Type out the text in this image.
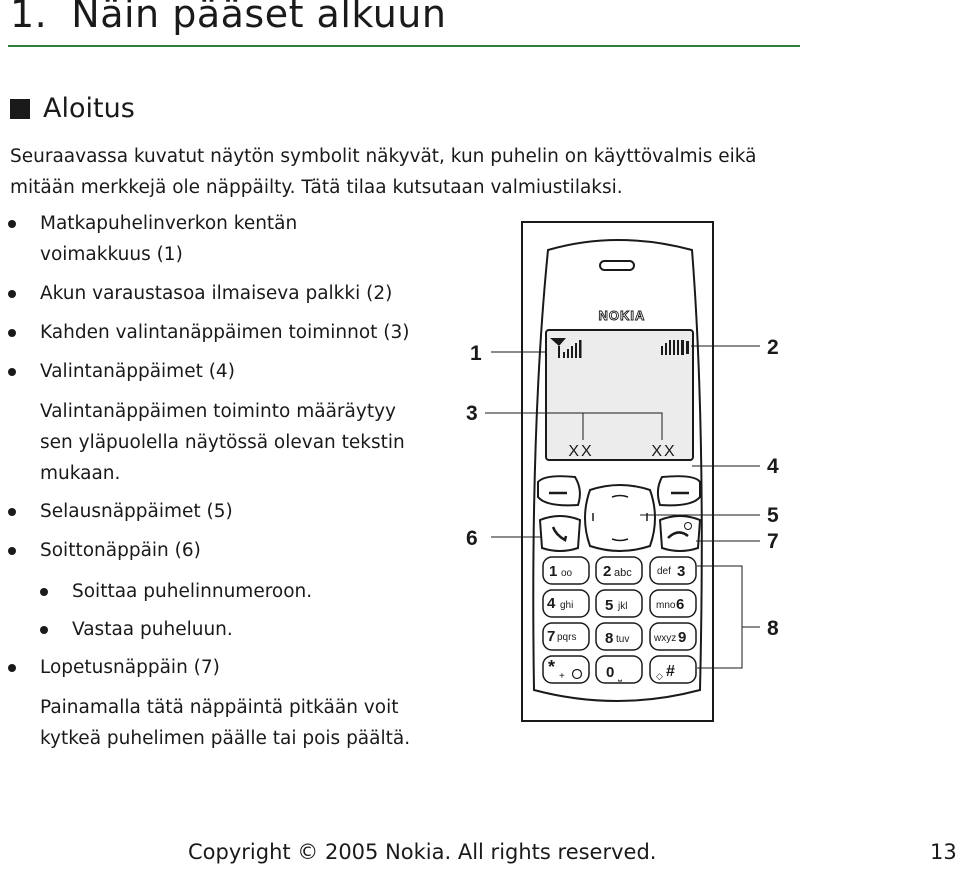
1. Näin pääset alkuun
Aloitus

Seuraavassa kuvatut näytön symbolit näkyvät, kun puhelin on käyttövalmis eikä mitään merkkejä ole näppäilty. Tätä tilaa kutsutaan valmiustilaksi.

Matkapuhelinverkon kentän
voimakkuus (1)
Akun varaustasoa ilmaiseva palkki (2)
Kahden valintanäppäimen toiminnot (3)
Valintanäppäimet (4)
Selausnäppäimet (5)
Soittonäppäin (6)
Soittaa puhelinnumeroon.
Vastaa puheluun.
Lopetusnäppäin (7)

Valintanäppäimen toiminto määräytyy
sen yläpuolella näytössä olevan tekstin
mukaan.

Painamalla tätä näppäintä pitkään voit
kytkeä puhelimen päälle tai pois päältä.

NOKIA
XX	XX
1 ᴏᴏ 2 abc	def 3
4 ghi 5 jkl	mno 6
7 pqrs 8 tuv wxyz 9
* +	0 ⎵	◇ #
1	2
3
4
5
6	7
8
Copyright © 2005 Nokia. All rights reserved.	13
